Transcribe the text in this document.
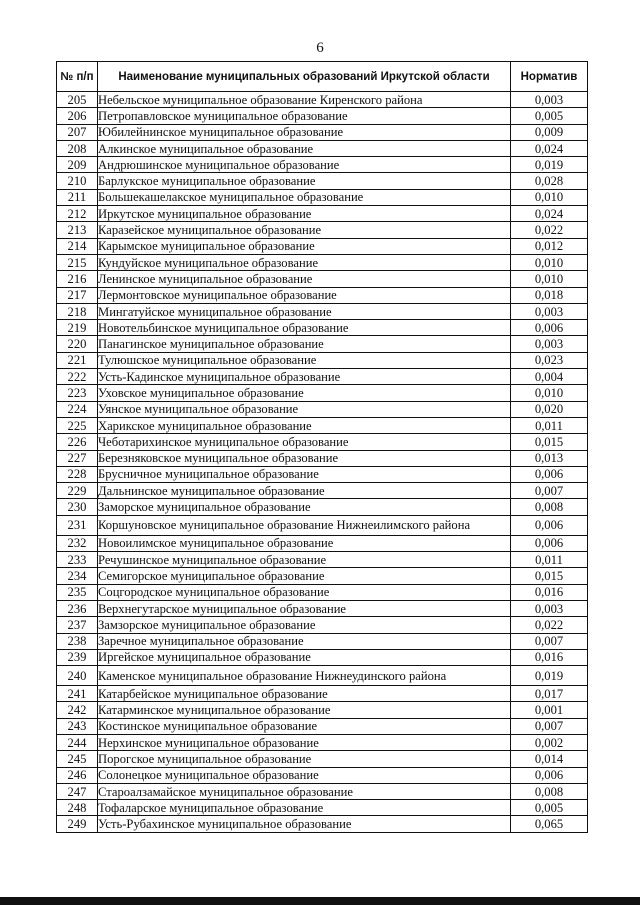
6
№ п/п	Наименование муниципальных образований Иркутской области	Норматив
205	Небельское муниципальное образование Киренского района	0,003
206	Петропавловское муниципальное образование	0,005
207	Юбилейнинское муниципальное образование	0,009
208	Алкинское муниципальное образование	0,024
209	Андрюшинское муниципальное образование	0,019
210	Барлукское муниципальное образование	0,028
211	Большекашелакское муниципальное образование	0,010
212	Иркутское муниципальное образование	0,024
213	Каразейское муниципальное образование	0,022
214	Карымское муниципальное образование	0,012
215	Кундуйское муниципальное образование	0,010
216	Ленинское муниципальное образование	0,010
217	Лермонтовское муниципальное образование	0,018
218	Мингатуйское муниципальное образование	0,003
219	Новотельбинское муниципальное образование	0,006
220	Панагинское муниципальное образование	0,003
221	Тулюшское муниципальное образование	0,023
222	Усть-Кадинское муниципальное образование	0,004
223	Уховское муниципальное образование	0,010
224	Уянское муниципальное образование	0,020
225	Харикское муниципальное образование	0,011
226	Чеботарихинское муниципальное образование	0,015
227	Березняковское муниципальное образование	0,013
228	Брусничное муниципальное образование	0,006
229	Дальнинское муниципальное образование	0,007
230	Заморское муниципальное образование	0,008
231	Коршуновское муниципальное образование Нижнеилимского района	0,006
232	Новоилимское муниципальное образование	0,006
233	Речушинское муниципальное образование	0,011
234	Семигорское муниципальное образование	0,015
235	Соцгородское муниципальное образование	0,016
236	Верхнегутарское муниципальное образование	0,003
237	Замзорское муниципальное образование	0,022
238	Заречное муниципальное образование	0,007
239	Иргейское муниципальное образование	0,016
240	Каменское муниципальное образование Нижнеудинского района	0,019
241	Катарбейское муниципальное образование	0,017
242	Катарминское муниципальное образование	0,001
243	Костинское муниципальное образование	0,007
244	Нерхинское муниципальное образование	0,002
245	Порогское муниципальное образование	0,014
246	Солонецкое муниципальное образование	0,006
247	Староалзамайское муниципальное образование	0,008
248	Тофаларское муниципальное образование	0,005
249	Усть-Рубахинское муниципальное образование	0,065
